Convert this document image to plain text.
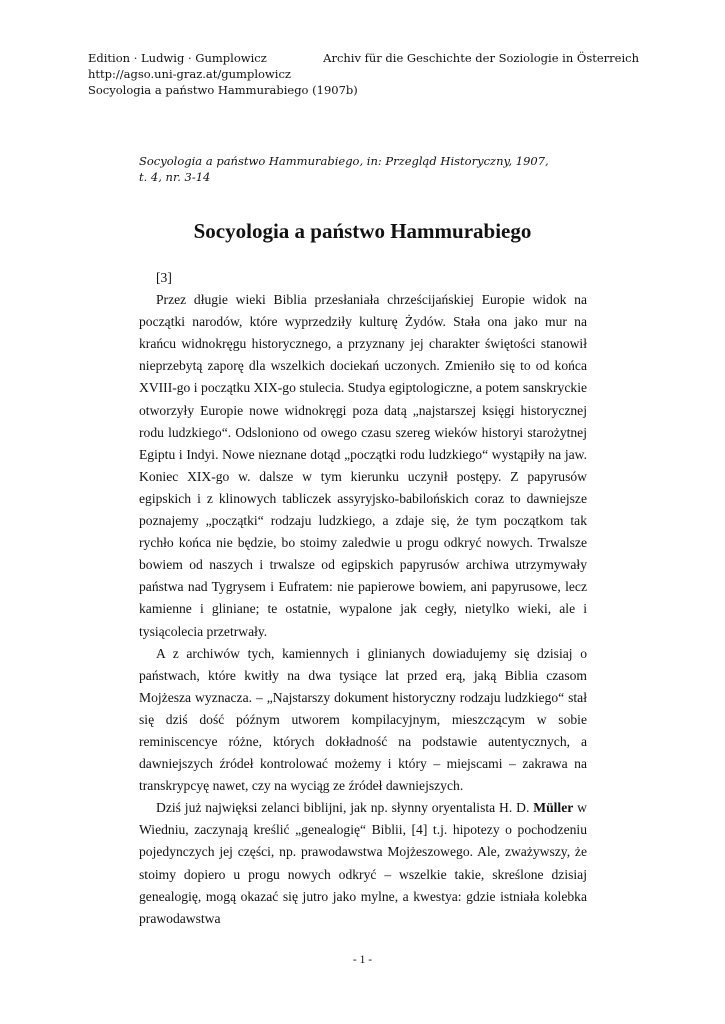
Edition · Ludwig · Gumplowicz
http://agso.uni-graz.at/gumplowicz
Socyologia a państwo Hammurabiego (1907b)
Archiv für die Geschichte der Soziologie in Österreich
Socyologia a państwo Hammurabiego, in: Przegląd Historyczny, 1907,
t. 4, nr. 3-14
Socyologia a państwo Hammurabiego
[3]

Przez długie wieki Biblia przesłaniała chrześcijańskiej Europie widok na początki narodów, które wyprzedziły kulturę Żydów. Stała ona jako mur na krańcu widnokręgu historycznego, a przyznany jej charakter świętości stanowił nieprzebytą zaporę dla wszelkich dociekań uczonych. Zmieniło się to od końca XVIII-go i początku XIX-go stulecia. Studya egiptologiczne, a potem sanskryckie otworzyły Europie nowe widnokręgi poza datą „najstarszej księgi historycznej rodu ludzkiego“. Odsloniono od owego czasu szereg wieków historyi starożytnej Egiptu i Indyi. Nowe nieznane dotąd „początki rodu ludzkiego“ wystąpiły na jaw. Koniec XIX-go w. dalsze w tym kierunku uczynił postępy. Z papyrusów egipskich i z klinowych tabliczek assyryjsko-babilońskich coraz to dawniejsze poznajemy „początki“ rodzaju ludzkiego, a zdaje się, że tym początkom tak rychło końca nie będzie, bo stoimy zaledwie u progu odkryć nowych. Trwalsze bowiem od naszych i trwalsze od egipskich papyrusów archiwa utrzymywały państwa nad Tygrysem i Eufratem: nie papierowe bowiem, ani papyrusowe, lecz kamienne i gliniane; te ostatnie, wypalone jak cegły, nietylko wieki, ale i tysiącolecia przetrwały.

A z archiwów tych, kamiennych i glinianych dowiadujemy się dzisiaj o państwach, które kwitły na dwa tysiące lat przed erą, jaką Biblia czasom Mojżesza wyznacza. – „Najstarszy dokument historyczny rodzaju ludzkiego“ stał się dziś dość późnym utworem kompilacyjnym, mieszczącym w sobie reminiscencye różne, których dokładność na podstawie autentycznych, a dawniejszych źródeł kontrolować możemy i który – miejscami – zakrawa na transkrypcyę nawet, czy na wyciąg ze źródeł dawniejszych.

Dziś już najwięksi zelanci biblijni, jak np. słynny oryentalista H. D. Müller w Wiedniu, zaczynają kreślić „genealogię“ Biblii, [4] t.j. hipotezy o pochodzeniu pojedynczych jej części, np. prawodawstwa Mojżeszowego. Ale, zważywszy, że stoimy dopiero u progu nowych odkryć – wszelkie takie, skreślone dzisiaj genealogię, mogą okazać się jutro jako mylne, a kwestya: gdzie istniała kolebka prawodawstwa

- 1 -
